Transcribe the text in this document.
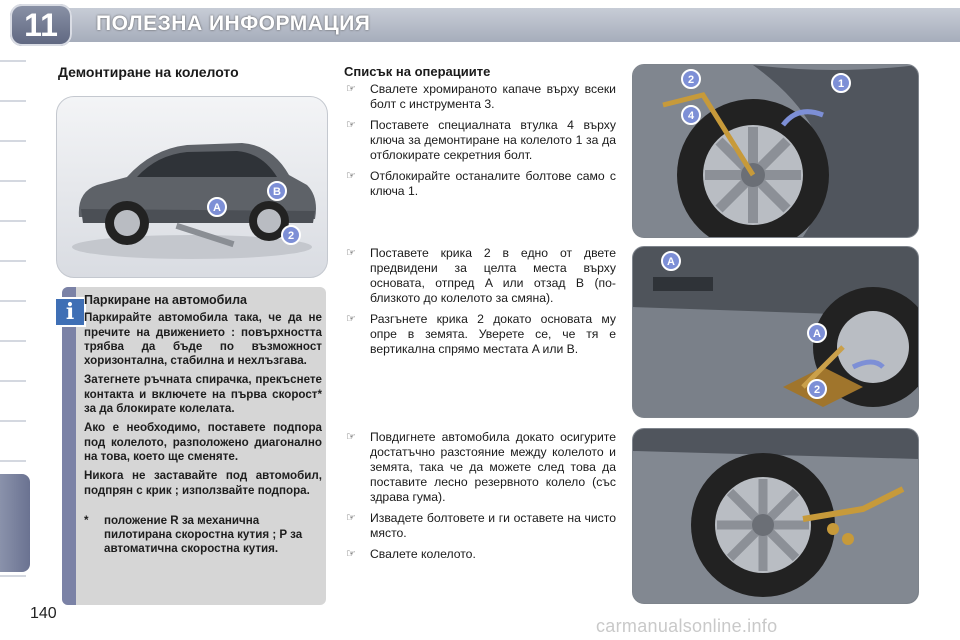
11	ПОЛЕЗНА ИНФОРМАЦИЯ
140
Демонтиране на колелото
A
B
2
i Паркиране на автомобила

Паркирайте автомобила така, че да не пречите на движението : повърхността трябва да бъде по възможност хоризонтална, стабилна и нехлъзгава.

Затегнете ръчната спирачка, прекъснете контакта и включете на първа скорост* за да блокирате колелата.

Ако е необходимо, поставете подпора под колелото, разположено диагонално на това, което ще сменяте.

Никога не заставайте под автомобил, подпрян с крик ; използвайте подпора.

*	положение R за механична пилотирана скоростна кутия ; P за автоматична скоростна кутия.
Списък на операциите
☞	Свалете хромираното капаче върху всеки болт с инструмента 3.
☞	Поставете специалната втулка 4 върху ключа за демонтиране на колелото 1 за да отблокирате секретния болт.
☞	Отблокирайте останалите болтове само с ключа 1.
☞	Поставете крика 2 в едно от двете предвидени за целта места върху основата, отпред A или отзад B (по-близкото до колелото за смяна).
☞	Разгънете крика 2 докато основата му опре в земята. Уверете се, че тя е вертикална спрямо местата A или B.
☞	Повдигнете автомобила докато осигурите достатъчно разстояние между колелото и земята, така че да можете след това да поставите лесно резервното колело (със здрава гума).
☞	Извадете болтовете и ги оставете на чисто място.
☞	Свалете колелото.
1
2
4
A
A
2
carmanualsonline.info
